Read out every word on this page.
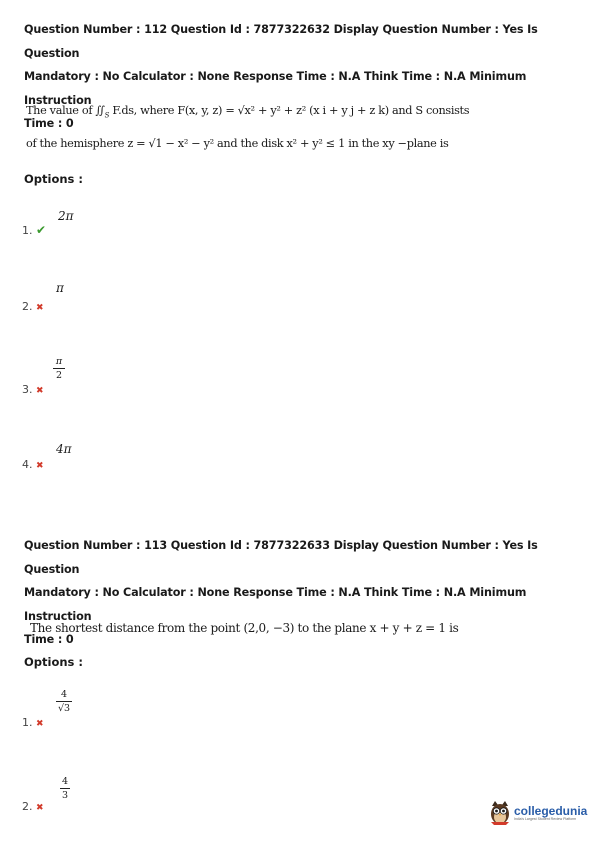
Question Number : 112 Question Id : 7877322632 Display Question Number : Yes Is Question
Mandatory : No Calculator : None Response Time : N.A Think Time : N.A Minimum Instruction
Time : 0
The value of $∬_S$ F.ds, where F(x, y, z) = √x² + y² + z² (x i + y j + z k) and S consists
of the hemisphere z = √1 − x² − y² and the disk x² + y² ≤ 1 in the xy −plane is
Options :
2π
1. ✔
π
2. ✖
π
2
3. ✖
4π
4. ✖
Question Number : 113 Question Id : 7877322633 Display Question Number : Yes Is Question
Mandatory : No Calculator : None Response Time : N.A Think Time : N.A Minimum Instruction
Time : 0
The shortest distance from the point (2,0, −3) to the plane x + y + z = 1 is
Options :
4
√3
1. ✖
4
3
2. ✖	collegedunia
India's Largest Student Review Platform
